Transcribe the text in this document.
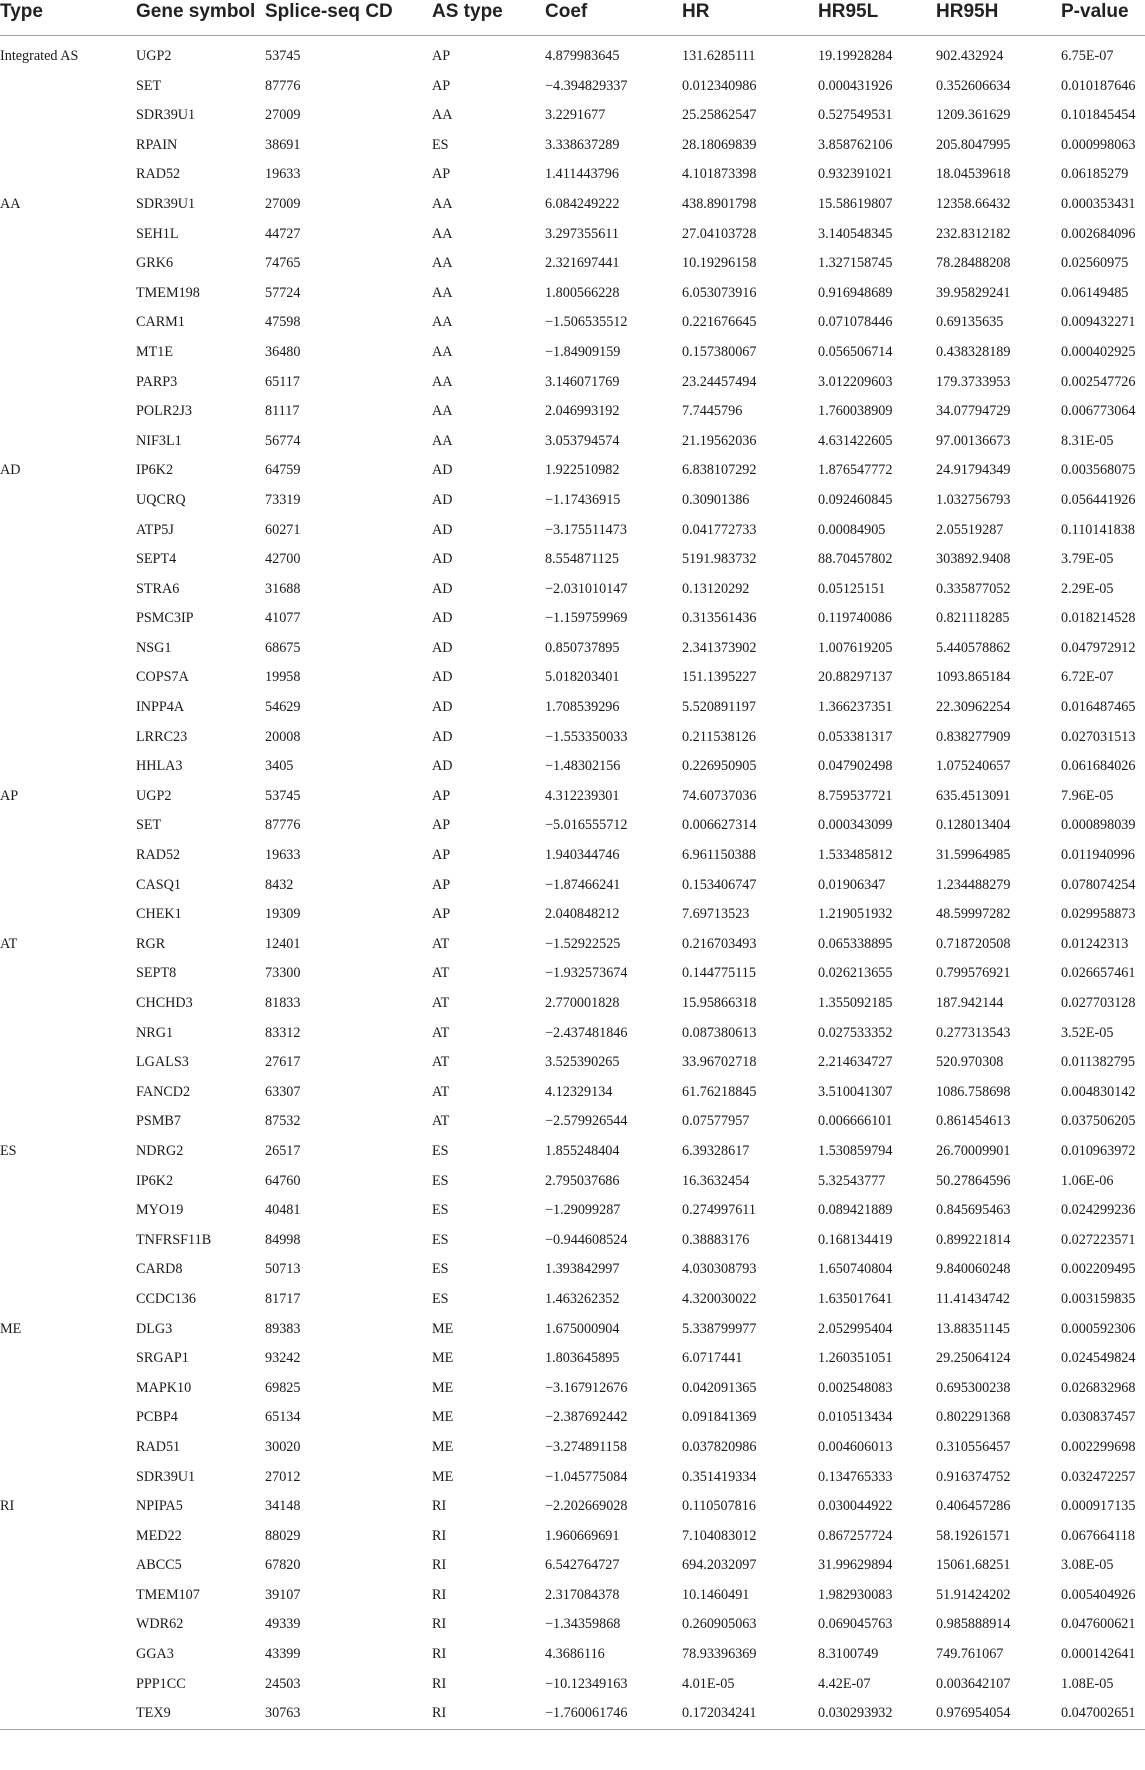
Type	Gene symbol	Splice-seq CD	AS type	Coef	HR	HR95L	HR95H	P-value
Integrated AS	UGP2	53745	AP	4.879983645	131.6285111	19.19928284	902.432924	6.75E-07
	SET	87776	AP	−4.394829337	0.012340986	0.000431926	0.352606634	0.010187646
	SDR39U1	27009	AA	3.2291677	25.25862547	0.527549531	1209.361629	0.101845454
	RPAIN	38691	ES	3.338637289	28.18069839	3.858762106	205.8047995	0.000998063
	RAD52	19633	AP	1.411443796	4.101873398	0.932391021	18.04539618	0.06185279
AA	SDR39U1	27009	AA	6.084249222	438.8901798	15.58619807	12358.66432	0.000353431
	SEH1L	44727	AA	3.297355611	27.04103728	3.140548345	232.8312182	0.002684096
	GRK6	74765	AA	2.321697441	10.19296158	1.327158745	78.28488208	0.02560975
	TMEM198	57724	AA	1.800566228	6.053073916	0.916948689	39.95829241	0.06149485
	CARM1	47598	AA	−1.506535512	0.221676645	0.071078446	0.69135635	0.009432271
	MT1E	36480	AA	−1.84909159	0.157380067	0.056506714	0.438328189	0.000402925
	PARP3	65117	AA	3.146071769	23.24457494	3.012209603	179.3733953	0.002547726
	POLR2J3	81117	AA	2.046993192	7.7445796	1.760038909	34.07794729	0.006773064
	NIF3L1	56774	AA	3.053794574	21.19562036	4.631422605	97.00136673	8.31E-05
AD	IP6K2	64759	AD	1.922510982	6.838107292	1.876547772	24.91794349	0.003568075
	UQCRQ	73319	AD	−1.17436915	0.30901386	0.092460845	1.032756793	0.056441926
	ATP5J	60271	AD	−3.175511473	0.041772733	0.00084905	2.05519287	0.110141838
	SEPT4	42700	AD	8.554871125	5191.983732	88.70457802	303892.9408	3.79E-05
	STRA6	31688	AD	−2.031010147	0.13120292	0.05125151	0.335877052	2.29E-05
	PSMC3IP	41077	AD	−1.159759969	0.313561436	0.119740086	0.821118285	0.018214528
	NSG1	68675	AD	0.850737895	2.341373902	1.007619205	5.440578862	0.047972912
	COPS7A	19958	AD	5.018203401	151.1395227	20.88297137	1093.865184	6.72E-07
	INPP4A	54629	AD	1.708539296	5.520891197	1.366237351	22.30962254	0.016487465
	LRRC23	20008	AD	−1.553350033	0.211538126	0.053381317	0.838277909	0.027031513
	HHLA3	3405	AD	−1.48302156	0.226950905	0.047902498	1.075240657	0.061684026
AP	UGP2	53745	AP	4.312239301	74.60737036	8.759537721	635.4513091	7.96E-05
	SET	87776	AP	−5.016555712	0.006627314	0.000343099	0.128013404	0.000898039
	RAD52	19633	AP	1.940344746	6.961150388	1.533485812	31.59964985	0.011940996
	CASQ1	8432	AP	−1.87466241	0.153406747	0.01906347	1.234488279	0.078074254
	CHEK1	19309	AP	2.040848212	7.69713523	1.219051932	48.59997282	0.029958873
AT	RGR	12401	AT	−1.52922525	0.216703493	0.065338895	0.718720508	0.01242313
	SEPT8	73300	AT	−1.932573674	0.144775115	0.026213655	0.799576921	0.026657461
	CHCHD3	81833	AT	2.770001828	15.95866318	1.355092185	187.942144	0.027703128
	NRG1	83312	AT	−2.437481846	0.087380613	0.027533352	0.277313543	3.52E-05
	LGALS3	27617	AT	3.525390265	33.96702718	2.214634727	520.970308	0.011382795
	FANCD2	63307	AT	4.12329134	61.76218845	3.510041307	1086.758698	0.004830142
	PSMB7	87532	AT	−2.579926544	0.07577957	0.006666101	0.861454613	0.037506205
ES	NDRG2	26517	ES	1.855248404	6.39328617	1.530859794	26.70009901	0.010963972
	IP6K2	64760	ES	2.795037686	16.3632454	5.32543777	50.27864596	1.06E-06
	MYO19	40481	ES	−1.29099287	0.274997611	0.089421889	0.845695463	0.024299236
	TNFRSF11B	84998	ES	−0.944608524	0.38883176	0.168134419	0.899221814	0.027223571
	CARD8	50713	ES	1.393842997	4.030308793	1.650740804	9.840060248	0.002209495
	CCDC136	81717	ES	1.463262352	4.320030022	1.635017641	11.41434742	0.003159835
ME	DLG3	89383	ME	1.675000904	5.338799977	2.052995404	13.88351145	0.000592306
	SRGAP1	93242	ME	1.803645895	6.0717441	1.260351051	29.25064124	0.024549824
	MAPK10	69825	ME	−3.167912676	0.042091365	0.002548083	0.695300238	0.026832968
	PCBP4	65134	ME	−2.387692442	0.091841369	0.010513434	0.802291368	0.030837457
	RAD51	30020	ME	−3.274891158	0.037820986	0.004606013	0.310556457	0.002299698
	SDR39U1	27012	ME	−1.045775084	0.351419334	0.134765333	0.916374752	0.032472257
RI	NPIPA5	34148	RI	−2.202669028	0.110507816	0.030044922	0.406457286	0.000917135
	MED22	88029	RI	1.960669691	7.104083012	0.867257724	58.19261571	0.067664118
	ABCC5	67820	RI	6.542764727	694.2032097	31.99629894	15061.68251	3.08E-05
	TMEM107	39107	RI	2.317084378	10.1460491	1.982930083	51.91424202	0.005404926
	WDR62	49339	RI	−1.34359868	0.260905063	0.069045763	0.985888914	0.047600621
	GGA3	43399	RI	4.3686116	78.93396369	8.3100749	749.761067	0.000142641
	PPP1CC	24503	RI	−10.12349163	4.01E-05	4.42E-07	0.003642107	1.08E-05
	TEX9	30763	RI	−1.760061746	0.172034241	0.030293932	0.976954054	0.047002651
